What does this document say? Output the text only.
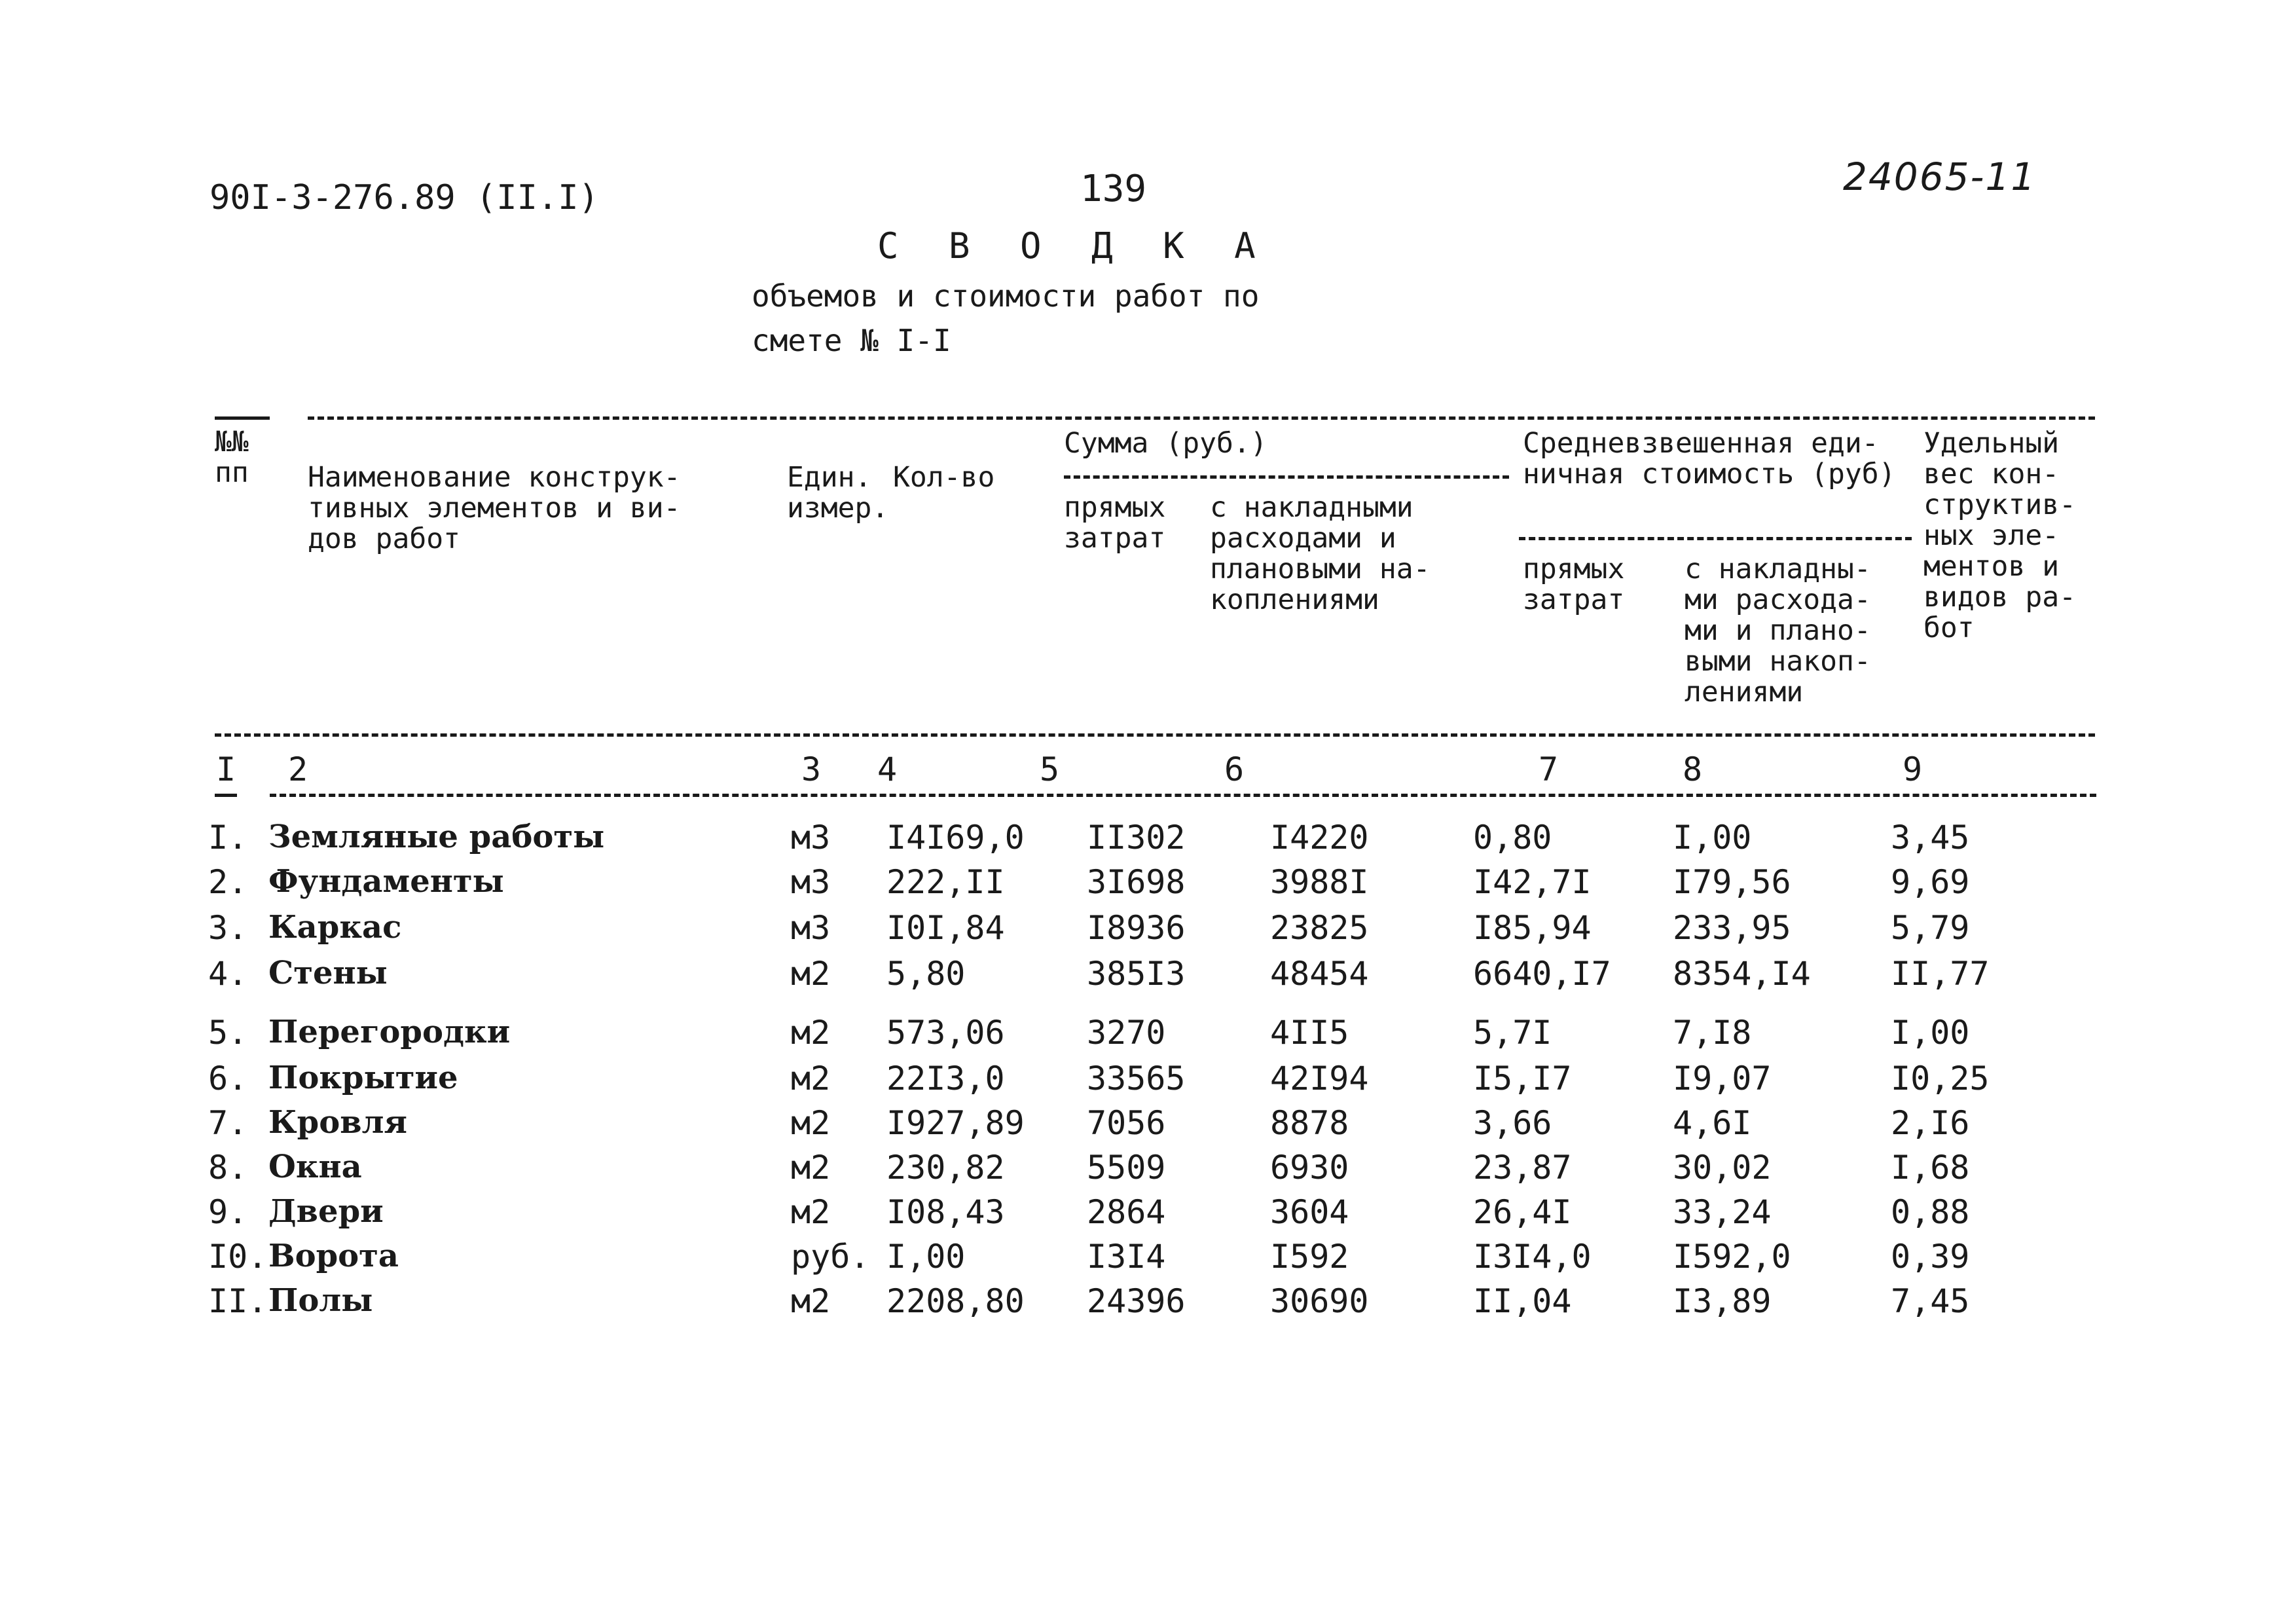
90I-3-276.89 (II.I)	139	24065-11
С В О Д К А
объемов и стоимости работ по
смете № I-I
№№
пп Наименование конструк-
тивных элементов и ви-
дов работ
Един.
измер.
Кол-во
Сумма (руб.)
прямых
затрат
с накладными
расходами и
плановыми на-
коплениями
Средневзвешенная еди-
ничная стоимость (руб)
прямых
затрат
с накладны-
ми расхода-
ми и плано-
выми накоп-
лениями
Удельный
вес кон-
структив-
ных эле-
ментов и
видов ра-
бот
I 2	3 4	5	6	7	8	9
I. Земляные работы	м3 I4I69,0 II302	I4220	0,80	I,00	3,45
2. Фундаменты	м3 222,II	3I698	3988I	I42,7I I79,56	9,69
3. Каркас	м3 I0I,84	I8936	23825	I85,94 233,95	5,79
4. Стены	м2 5,80	385I3	48454	6640,I7 8354,I4 II,77
5. Перегородки	м2 573,06	3270	4II5	5,7I	7,I8	I,00
6. Покрытие	м2 22I3,0	33565	42I94	I5,I7	I9,07	I0,25
7. Кровля	м2 I927,89 7056	8878	3,66	4,6I	2,I6
8. Окна	м2 230,82	5509	6930	23,87	30,02	I,68
9. Двери	м2 I08,43	2864	3604	26,4I	33,24	0,88
I0. Ворота	руб. I,00	I3I4	I592	I3I4,0 I592,0	0,39
II. Полы	м2 2208,80 24396	30690	II,04	I3,89	7,45
